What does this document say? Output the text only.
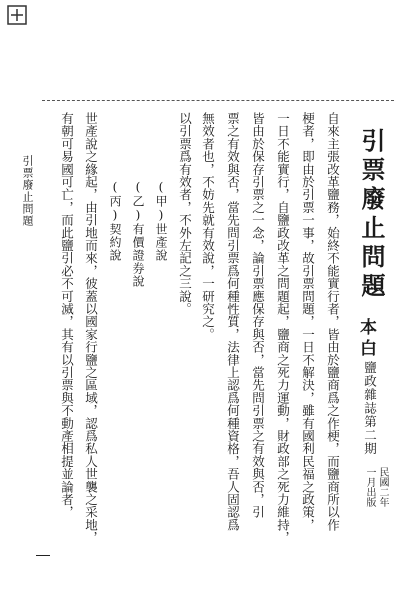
引票廢止問題
本白
鹽政雜誌第二期
民國二年
一月出版
自來主張改革鹽務，始終不能實行者，皆由於鹽商爲之作梗，而鹽商所以作
梗者，即由於引票一事，故引票問題，一日不解決，雖有國利民福之政策，
一日不能實行，自鹽政改革之問題起，鹽商之死力運動，財政部之死力維持，
皆由於保存引票之一念，論引票應保存與否，當先問引票之有效與否，引
票之有效與否，當先問引票爲何種性質，法律上認爲何種資格，吾人固認爲
無效者也，不妨先就有效說，一研究之。
以引票爲有效者，不外左記之三說。
(甲)世產說
(乙)有價證券說
(丙)契約說
世產說之緣起，由引地而來，彼蓋以國家行鹽之區域，認爲私人世襲之采地，
有朝可易國可亡，而此鹽引必不可滅，其有以引票與不動產相提並論者，
引票廢止問題
